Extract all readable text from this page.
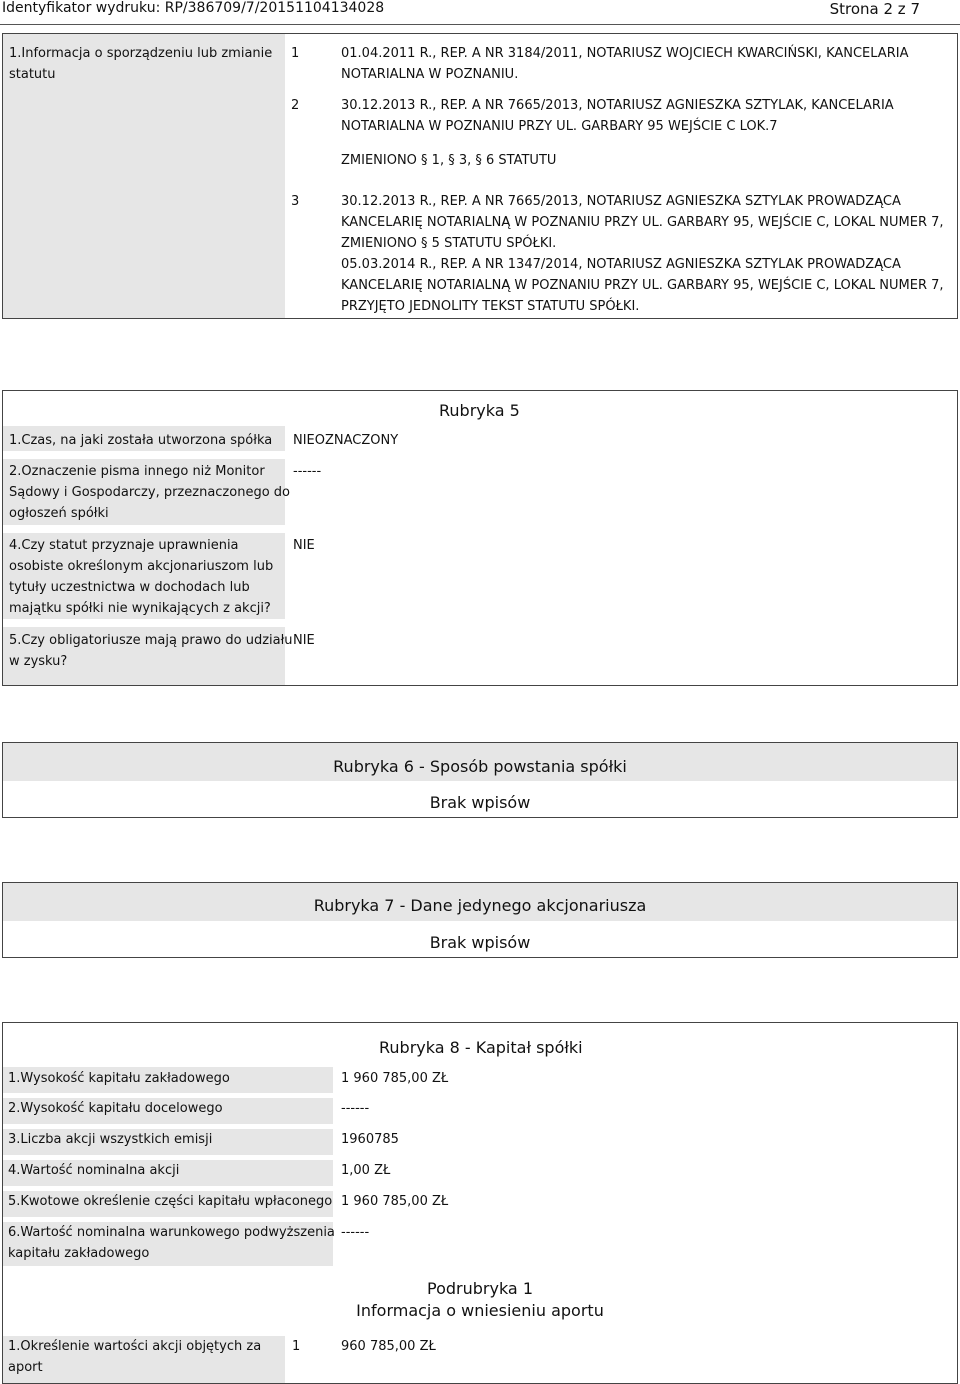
Identyfikator wydruku: RP/386709/7/20151104134028	Strona 2 z 7
1.Informacja o sporządzeniu lub zmianie
statutu
1	01.04.2011 R., REP. A NR 3184/2011, NOTARIUSZ WOJCIECH KWARCIŃSKI, KANCELARIA
NOTARIALNA W POZNANIU.
2	30.12.2013 R., REP. A NR 7665/2013, NOTARIUSZ AGNIESZKA SZTYLAK, KANCELARIA
NOTARIALNA W POZNANIU PRZY UL. GARBARY 95 WEJŚCIE C LOK.7
ZMIENIONO § 1, § 3, § 6 STATUTU
3	30.12.2013 R., REP. A NR 7665/2013, NOTARIUSZ AGNIESZKA SZTYLAK PROWADZĄCA
KANCELARIĘ NOTARIALNĄ W POZNANIU PRZY UL. GARBARY 95, WEJŚCIE C, LOKAL NUMER 7,
ZMIENIONO § 5 STATUTU SPÓŁKI.
05.03.2014 R., REP. A NR 1347/2014, NOTARIUSZ AGNIESZKA SZTYLAK PROWADZĄCA
KANCELARIĘ NOTARIALNĄ W POZNANIU PRZY UL. GARBARY 95, WEJŚCIE C, LOKAL NUMER 7,
PRZYJĘTO JEDNOLITY TEKST STATUTU SPÓŁKI.
Rubryka 5
1.Czas, na jaki została utworzona spółka NIEOZNACZONY
2.Oznaczenie pisma innego niż Monitor
Sądowy i Gospodarczy, przeznaczonego do
ogłoszeń spółki
------
4.Czy statut przyznaje uprawnienia
osobiste określonym akcjonariuszom lub
tytuły uczestnictwa w dochodach lub
majątku spółki nie wynikających z akcji?
NIE
5.Czy obligatoriusze mają prawo do udziału
w zysku?
NIE
Rubryka 6 - Sposób powstania spółki
Brak wpisów
Rubryka 7 - Dane jedynego akcjonariusza
Brak wpisów
Rubryka 8 - Kapitał spółki
1.Wysokość kapitału zakładowego	1 960 785,00 ZŁ
2.Wysokość kapitału docelowego	------
3.Liczba akcji wszystkich emisji	1960785
4.Wartość nominalna akcji	1,00 ZŁ
5.Kwotowe określenie części kapitału wpłaconego 1 960 785,00 ZŁ
6.Wartość nominalna warunkowego podwyższenia
kapitału zakładowego
------
Podrubryka 1
Informacja o wniesieniu aportu
1.Określenie wartości akcji objętych za
aport
1	960 785,00 ZŁ
